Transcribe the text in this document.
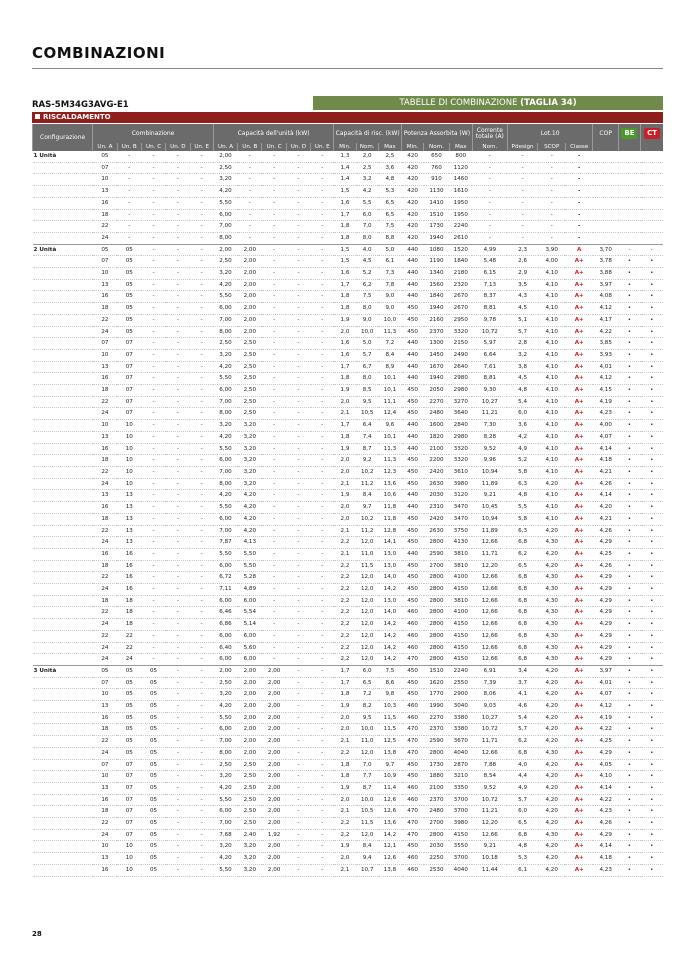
COMBINAZIONI
RAS-5M34G3AVG-E1	TABELLE DI COMBINAZIONE (TAGLIA 34)
RISCALDAMENTO
Configurazione	Combinazione					Capacità dell'unità (kW)					Capacità di risc. (kW)			Potenza Assorbita (W)			Corrente totale (A)	Lot.10			COP	BE	CT
	Un. A	Un. B	Un. C	Un. D	Un. E	Un. A	Un. B	Un. C	Un. D	Un. E	Min.	Nom.	Max	Min.	Nom.	Max	Nom.	Pdesign	SCOP	Classe			
1 Unità	05	-	-	-	-	2,00	-	-	-	-	1,3	2,0	2,5	420	650	800	-	-	-	-			
	07	-	-	-	-	2,50	-	-	-	-	1,4	2,5	3,6	420	760	1120	-	-	-	-			
	10	-	-	-	-	3,20	-	-	-	-	1,4	3,2	4,8	420	910	1460	-	-	-	-			
	13	-	-	-	-	4,20	-	-	-	-	1,5	4,2	5,3	420	1130	1610	-	-	-	-			
	16	-	-	-	-	5,50	-	-	-	-	1,6	5,5	6,5	420	1410	1950	-	-	-	-			
	18	-	-	-	-	6,00	-	-	-	-	1,7	6,0	6,5	420	1510	1950	-	-	-	-			
	22	-	-	-	-	7,00	-	-	-	-	1,8	7,0	7,5	420	1730	2240	-	-	-	-			
	24	-	-	-	-	8,00	-	-	-	-	1,8	8,0	8,8	420	1940	2610	-	-	-	-			
2 Unità	05	05	-	-	-	2,00	2,00	-	-	-	1,5	4,0	5,0	440	1080	1520	4,99	2,3	3,90	A	3,70	-	-
	07	05	-	-	-	2,50	2,00	-	-	-	1,5	4,5	6,1	440	1190	1840	5,48	2,6	4,00	A+	3,78	•	•
	10	05	-	-	-	3,20	2,00	-	-	-	1,6	5,2	7,3	440	1340	2180	6,15	2,9	4,10	A+	3,88	•	•
	13	05	-	-	-	4,20	2,00	-	-	-	1,7	6,2	7,8	440	1560	2320	7,13	3,5	4,10	A+	3,97	•	•
	16	05	-	-	-	5,50	2,00	-	-	-	1,8	7,5	9,0	440	1840	2670	8,37	4,3	4,10	A+	4,08	•	•
	18	05	-	-	-	6,00	2,00	-	-	-	1,8	8,0	9,0	450	1940	2670	8,81	4,5	4,10	A+	4,12	•	•
	22	05	-	-	-	7,00	2,00	-	-	-	1,9	9,0	10,0	450	2160	2950	9,78	5,1	4,10	A+	4,17	•	•
	24	05	-	-	-	8,00	2,00	-	-	-	2,0	10,0	11,3	450	2370	3320	10,72	5,7	4,10	A+	4,22	•	•
	07	07	-	-	-	2,50	2,50	-	-	-	1,6	5,0	7,2	440	1300	2150	5,97	2,8	4,10	A+	3,85	•	•
	10	07	-	-	-	3,20	2,50	-	-	-	1,6	5,7	8,4	440	1450	2490	6,64	3,2	4,10	A+	3,93	•	•
	13	07	-	-	-	4,20	2,50	-	-	-	1,7	6,7	8,9	440	1670	2640	7,61	3,8	4,10	A+	4,01	•	•
	16	07	-	-	-	5,50	2,50	-	-	-	1,8	8,0	10,1	440	1940	2980	8,81	4,5	4,10	A+	4,12	•	•
	18	07	-	-	-	6,00	2,50	-	-	-	1,9	8,5	10,1	450	2050	2980	9,30	4,8	4,10	A+	4,15	•	•
	22	07	-	-	-	7,00	2,50	-	-	-	2,0	9,5	11,1	450	2270	3270	10,27	5,4	4,10	A+	4,19	•	•
	24	07	-	-	-	8,00	2,50	-	-	-	2,1	10,5	12,4	450	2480	3640	11,21	6,0	4,10	A+	4,23	•	•
	10	10	-	-	-	3,20	3,20	-	-	-	1,7	6,4	9,6	440	1600	2840	7,30	3,6	4,10	A+	4,00	•	•
	13	10	-	-	-	4,20	3,20	-	-	-	1,8	7,4	10,1	440	1820	2980	8,28	4,2	4,10	A+	4,07	•	•
	16	10	-	-	-	5,50	3,20	-	-	-	1,9	8,7	11,3	440	2100	3320	9,52	4,9	4,10	A+	4,14	•	•
	18	10	-	-	-	6,00	3,20	-	-	-	2,0	9,2	11,3	450	2200	3320	9,96	5,2	4,10	A+	4,18	•	•
	22	10	-	-	-	7,00	3,20	-	-	-	2,0	10,2	12,3	450	2420	3610	10,94	5,8	4,10	A+	4,21	•	•
	24	10	-	-	-	8,00	3,20	-	-	-	2,1	11,2	13,6	450	2630	3980	11,89	6,3	4,20	A+	4,26	•	•
	13	13	-	-	-	4,20	4,20	-	-	-	1,9	8,4	10,6	440	2030	3120	9,21	4,8	4,10	A+	4,14	•	•
	16	13	-	-	-	5,50	4,20	-	-	-	2,0	9,7	11,8	440	2310	3470	10,45	5,5	4,10	A+	4,20	•	•
	18	13	-	-	-	6,00	4,20	-	-	-	2,0	10,2	11,8	450	2420	3470	10,94	5,8	4,10	A+	4,21	•	•
	22	13	-	-	-	7,00	4,20	-	-	-	2,1	11,2	12,8	450	2630	3750	11,89	6,3	4,20	A+	4,26	•	•
	24	13	-	-	-	7,87	4,13	-	-	-	2,2	12,0	14,1	450	2800	4130	12,66	6,8	4,30	A+	4,29	•	•
	16	16	-	-	-	5,50	5,50	-	-	-	2,1	11,0	13,0	440	2590	3810	11,71	6,2	4,20	A+	4,25	•	•
	18	16	-	-	-	6,00	5,50	-	-	-	2,2	11,5	13,0	450	2700	3810	12,20	6,5	4,20	A+	4,26	•	•
	22	16	-	-	-	6,72	5,28	-	-	-	2,2	12,0	14,0	450	2800	4100	12,66	6,8	4,30	A+	4,29	•	•
	24	16	-	-	-	7,11	4,89	-	-	-	2,2	12,0	14,2	450	2800	4150	12,66	6,8	4,30	A+	4,29	•	•
	18	18	-	-	-	6,00	6,00	-	-	-	2,2	12,0	13,0	450	2800	3810	12,66	6,8	4,30	A+	4,29	•	•
	22	18	-	-	-	6,46	5,54	-	-	-	2,2	12,0	14,0	460	2800	4100	12,66	6,8	4,30	A+	4,29	•	•
	24	18	-	-	-	6,86	5,14	-	-	-	2,2	12,0	14,2	460	2800	4150	12,66	6,8	4,30	A+	4,29	•	•
	22	22	-	-	-	6,00	6,00	-	-	-	2,2	12,0	14,2	460	2800	4150	12,66	6,8	4,30	A+	4,29	•	•
	24	22	-	-	-	6,40	5,60	-	-	-	2,2	12,0	14,2	460	2800	4150	12,66	6,8	4,30	A+	4,29	•	•
	24	24	-	-	-	6,00	6,00	-	-	-	2,2	12,0	14,2	470	2800	4150	12,66	6,8	4,30	A+	4,29	•	•
3 Unità	05	05	05	-	-	2,00	2,00	2,00	-	-	1,7	6,0	7,5	450	1510	2240	6,91	3,4	4,20	A+	3,97	•	•
	07	05	05	-	-	2,50	2,00	2,00	-	-	1,7	6,5	8,6	450	1620	2550	7,39	3,7	4,20	A+	4,01	•	•
	10	05	05	-	-	3,20	2,00	2,00	-	-	1,8	7,2	9,8	450	1770	2900	8,06	4,1	4,20	A+	4,07	•	•
	13	05	05	-	-	4,20	2,00	2,00	-	-	1,9	8,2	10,3	460	1990	3040	9,03	4,6	4,20	A+	4,12	•	•
	16	05	05	-	-	5,50	2,00	2,00	-	-	2,0	9,5	11,5	460	2270	3380	10,27	5,4	4,20	A+	4,19	•	•
	18	05	05	-	-	6,00	2,00	2,00	-	-	2,0	10,0	11,5	470	2370	3380	10,72	5,7	4,20	A+	4,22	•	•
	22	05	05	-	-	7,00	2,00	2,00	-	-	2,1	11,0	12,5	470	2590	3670	11,71	6,2	4,20	A+	4,25	•	•
	24	05	05	-	-	8,00	2,00	2,00	-	-	2,2	12,0	13,8	470	2800	4040	12,66	6,8	4,30	A+	4,29	•	•
	07	07	05	-	-	2,50	2,50	2,00	-	-	1,8	7,0	9,7	450	1730	2870	7,88	4,0	4,20	A+	4,05	•	•
	10	07	05	-	-	3,20	2,50	2,00	-	-	1,8	7,7	10,9	450	1880	3210	8,54	4,4	4,20	A+	4,10	•	•
	13	07	05	-	-	4,20	2,50	2,00	-	-	1,9	8,7	11,4	460	2100	3350	9,52	4,9	4,20	A+	4,14	•	•
	16	07	05	-	-	5,50	2,50	2,00	-	-	2,0	10,0	12,6	460	2370	3700	10,72	5,7	4,20	A+	4,22	•	•
	18	07	05	-	-	6,00	2,50	2,00	-	-	2,1	10,5	12,6	470	2480	3700	11,21	6,0	4,20	A+	4,23	•	•
	22	07	05	-	-	7,00	2,50	2,00	-	-	2,2	11,5	13,6	470	2700	3980	12,20	6,5	4,20	A+	4,26	•	•
	24	07	05	-	-	7,68	2,40	1,92	-	-	2,2	12,0	14,2	470	2800	4150	12,66	6,8	4,30	A+	4,29	•	•
	10	10	05	-	-	3,20	3,20	2,00	-	-	1,9	8,4	12,1	450	2030	3550	9,21	4,8	4,20	A+	4,14	•	•
	13	10	05	-	-	4,20	3,20	2,00	-	-	2,0	9,4	12,6	460	2250	3700	10,18	5,3	4,20	A+	4,18	•	•
	16	10	05	-	-	5,50	3,20	2,00	-	-	2,1	10,7	13,8	460	2530	4040	11,44	6,1	4,20	A+	4,23	•	•
28
